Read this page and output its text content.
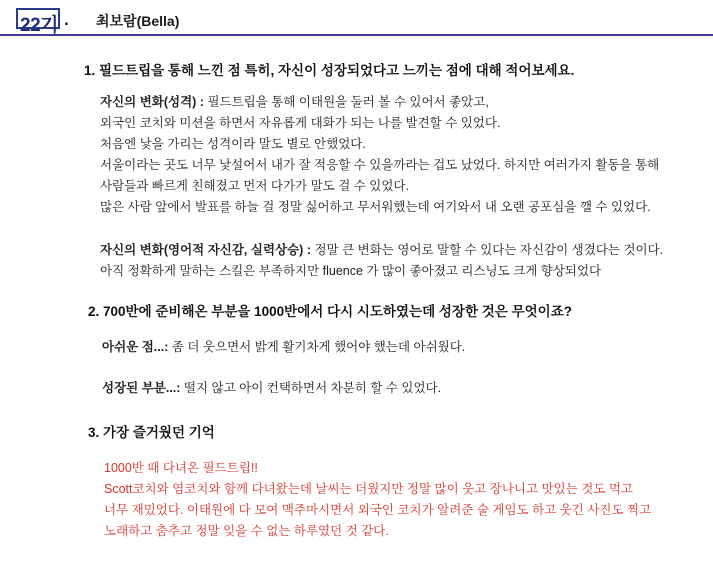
22기 . 최보람(Bella)
1. 필드트립을 통해 느낀 점 특히, 자신이 성장되었다고 느끼는 점에 대해 적어보세요.
자신의 변화(성격) : 필드트립을 통해 이태원을 둘러 볼 수 있어서 좋았고,
외국인 코치와 미션을 하면서 자유롭게 대화가 되는 나를 발견할 수 있었다.
처음엔 낯을 가리는 성격이라 말도 별로 안했었다.
서울이라는 곳도 너무 낯설어서 내가 잘 적응할 수 있을까라는 겁도 났었다. 하지만 여러가지 활동을 통해
사람들과 빠르게 친해졌고 먼저 다가가 말도 걸 수 있었다.
많은 사람 앞에서 발표를 하늘 걸 정말 싫어하고 무서워했는데 여기와서 내 오랜 공포심을 깰 수 있었다.
자신의 변화(영어적 자신감, 실력상승) : 정말 큰 변화는 영어로 말할 수 있다는 자신감이 생겼다는 것이다.
아직 정확하게 말하는 스킬은 부족하지만 fluence 가 많이 좋아졌고 리스닝도 크게 향상되었다
2. 700반에 준비해온 부분을 1000반에서 다시 시도하였는데 성장한 것은 무엇이죠?
아쉬운 점...: 좀 더 웃으면서 밝게 활기차게 했어야 했는데 아쉬웠다.
성장된 부분...: 떨지 않고 아이 컨택하면서 차분히 할 수 있었다.
3. 가장 즐거웠던 기억
1000반 때 다녀온 필드트립!!
Scott코치와 염코치와 함께 다녀왔는데 날씨는 더웠지만 정말 많이 웃고 장나니고 맛있는 것도 먹고
너무 재밌었다. 이태원에 다 모여 맥주마시면서 외국인 코치가 알려준 술 게임도 하고 웃긴 사진도 찍고
노래하고 춤추고 정말 잊을 수 없는 하루였던 것 같다.
